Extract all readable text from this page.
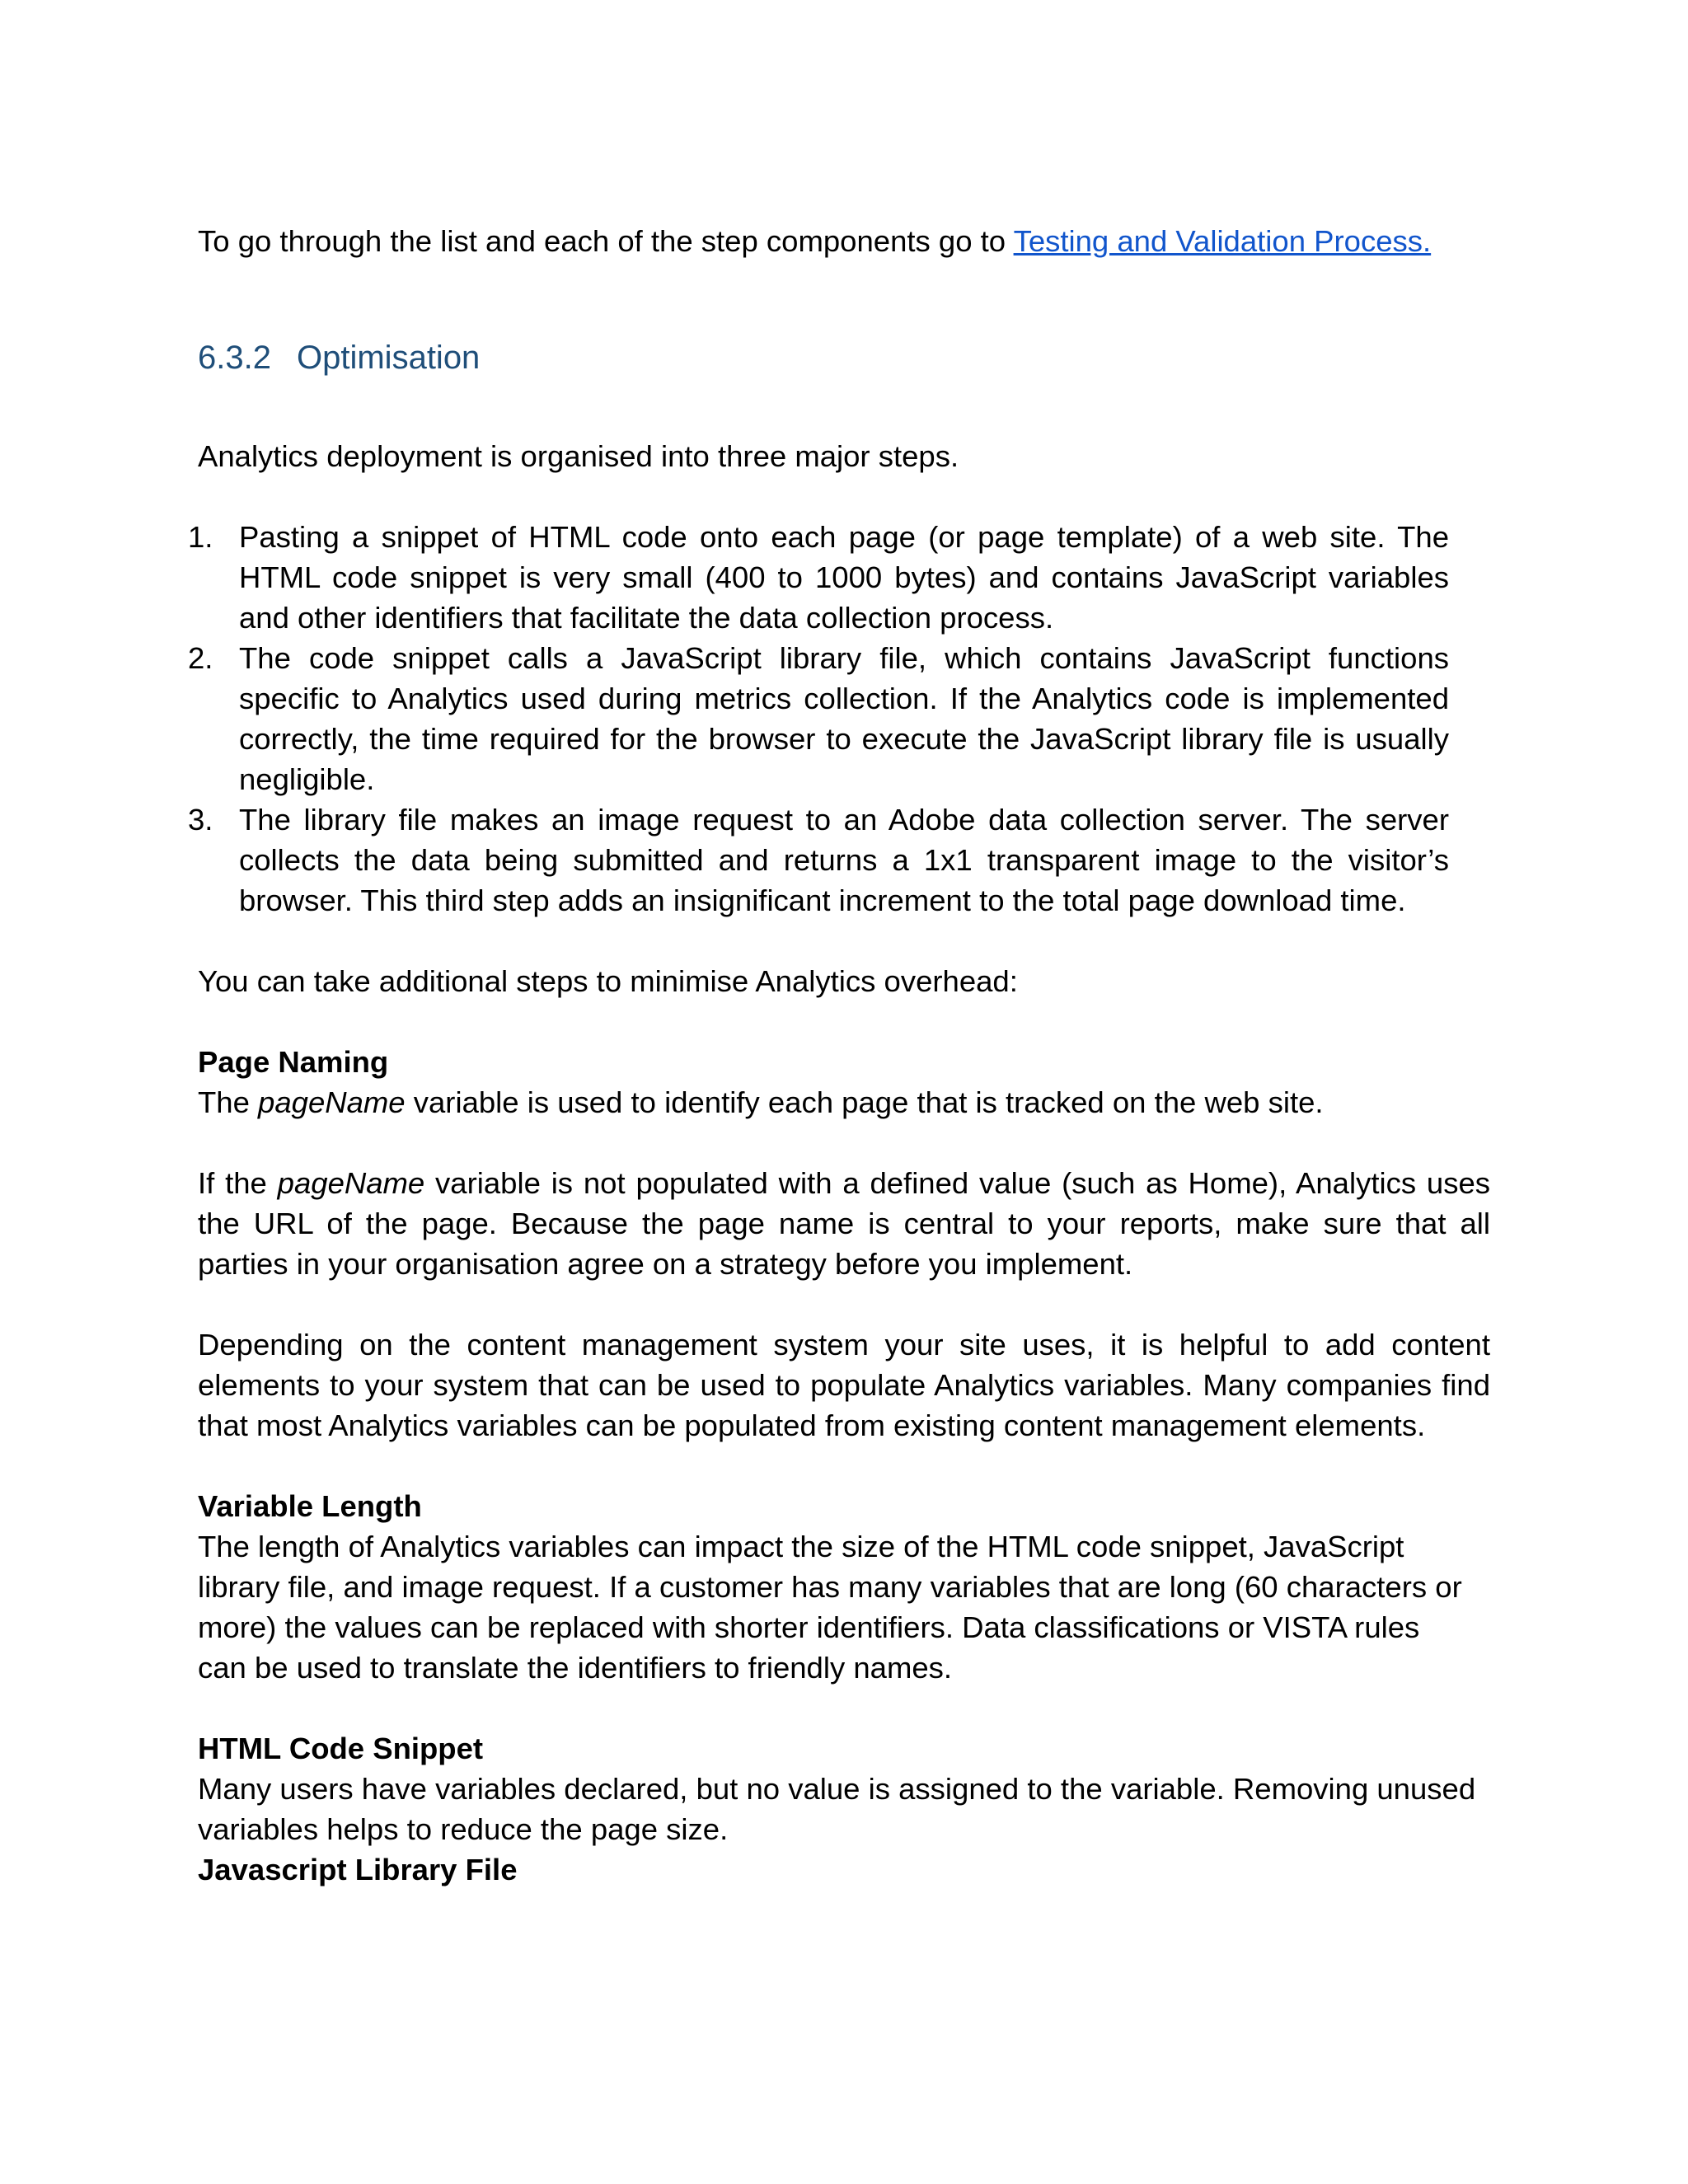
To go through the list and each of the step components go to Testing and Validation Process.

6.3.2 Optimisation

Analytics deployment is organised into three major steps.

1. Pasting a snippet of HTML code onto each page (or page template) of a web site. The HTML code snippet is very small (400 to 1000 bytes) and contains JavaScript variables and other identifiers that facilitate the data collection process.
2. The code snippet calls a JavaScript library file, which contains JavaScript functions specific to Analytics used during metrics collection. If the Analytics code is implemented correctly, the time required for the browser to execute the JavaScript library file is usually negligible.
3. The library file makes an image request to an Adobe data collection server. The server collects the data being submitted and returns a 1x1 transparent image to the visitor’s browser. This third step adds an insignificant increment to the total page download time.

You can take additional steps to minimise Analytics overhead:

Page Naming

The pageName variable is used to identify each page that is tracked on the web site.

If the pageName variable is not populated with a defined value (such as Home), Analytics uses the URL of the page. Because the page name is central to your reports, make sure that all parties in your organisation agree on a strategy before you implement.

Depending on the content management system your site uses, it is helpful to add content elements to your system that can be used to populate Analytics variables. Many companies find that most Analytics variables can be populated from existing content management elements.

Variable Length

The length of Analytics variables can impact the size of the HTML code snippet, JavaScript
library file, and image request. If a customer has many variables that are long (60 characters or
more) the values can be replaced with shorter identifiers. Data classifications or VISTA rules
can be used to translate the identifiers to friendly names.

HTML Code Snippet

Many users have variables declared, but no value is assigned to the variable. Removing unused variables helps to reduce the page size.

Javascript Library File
